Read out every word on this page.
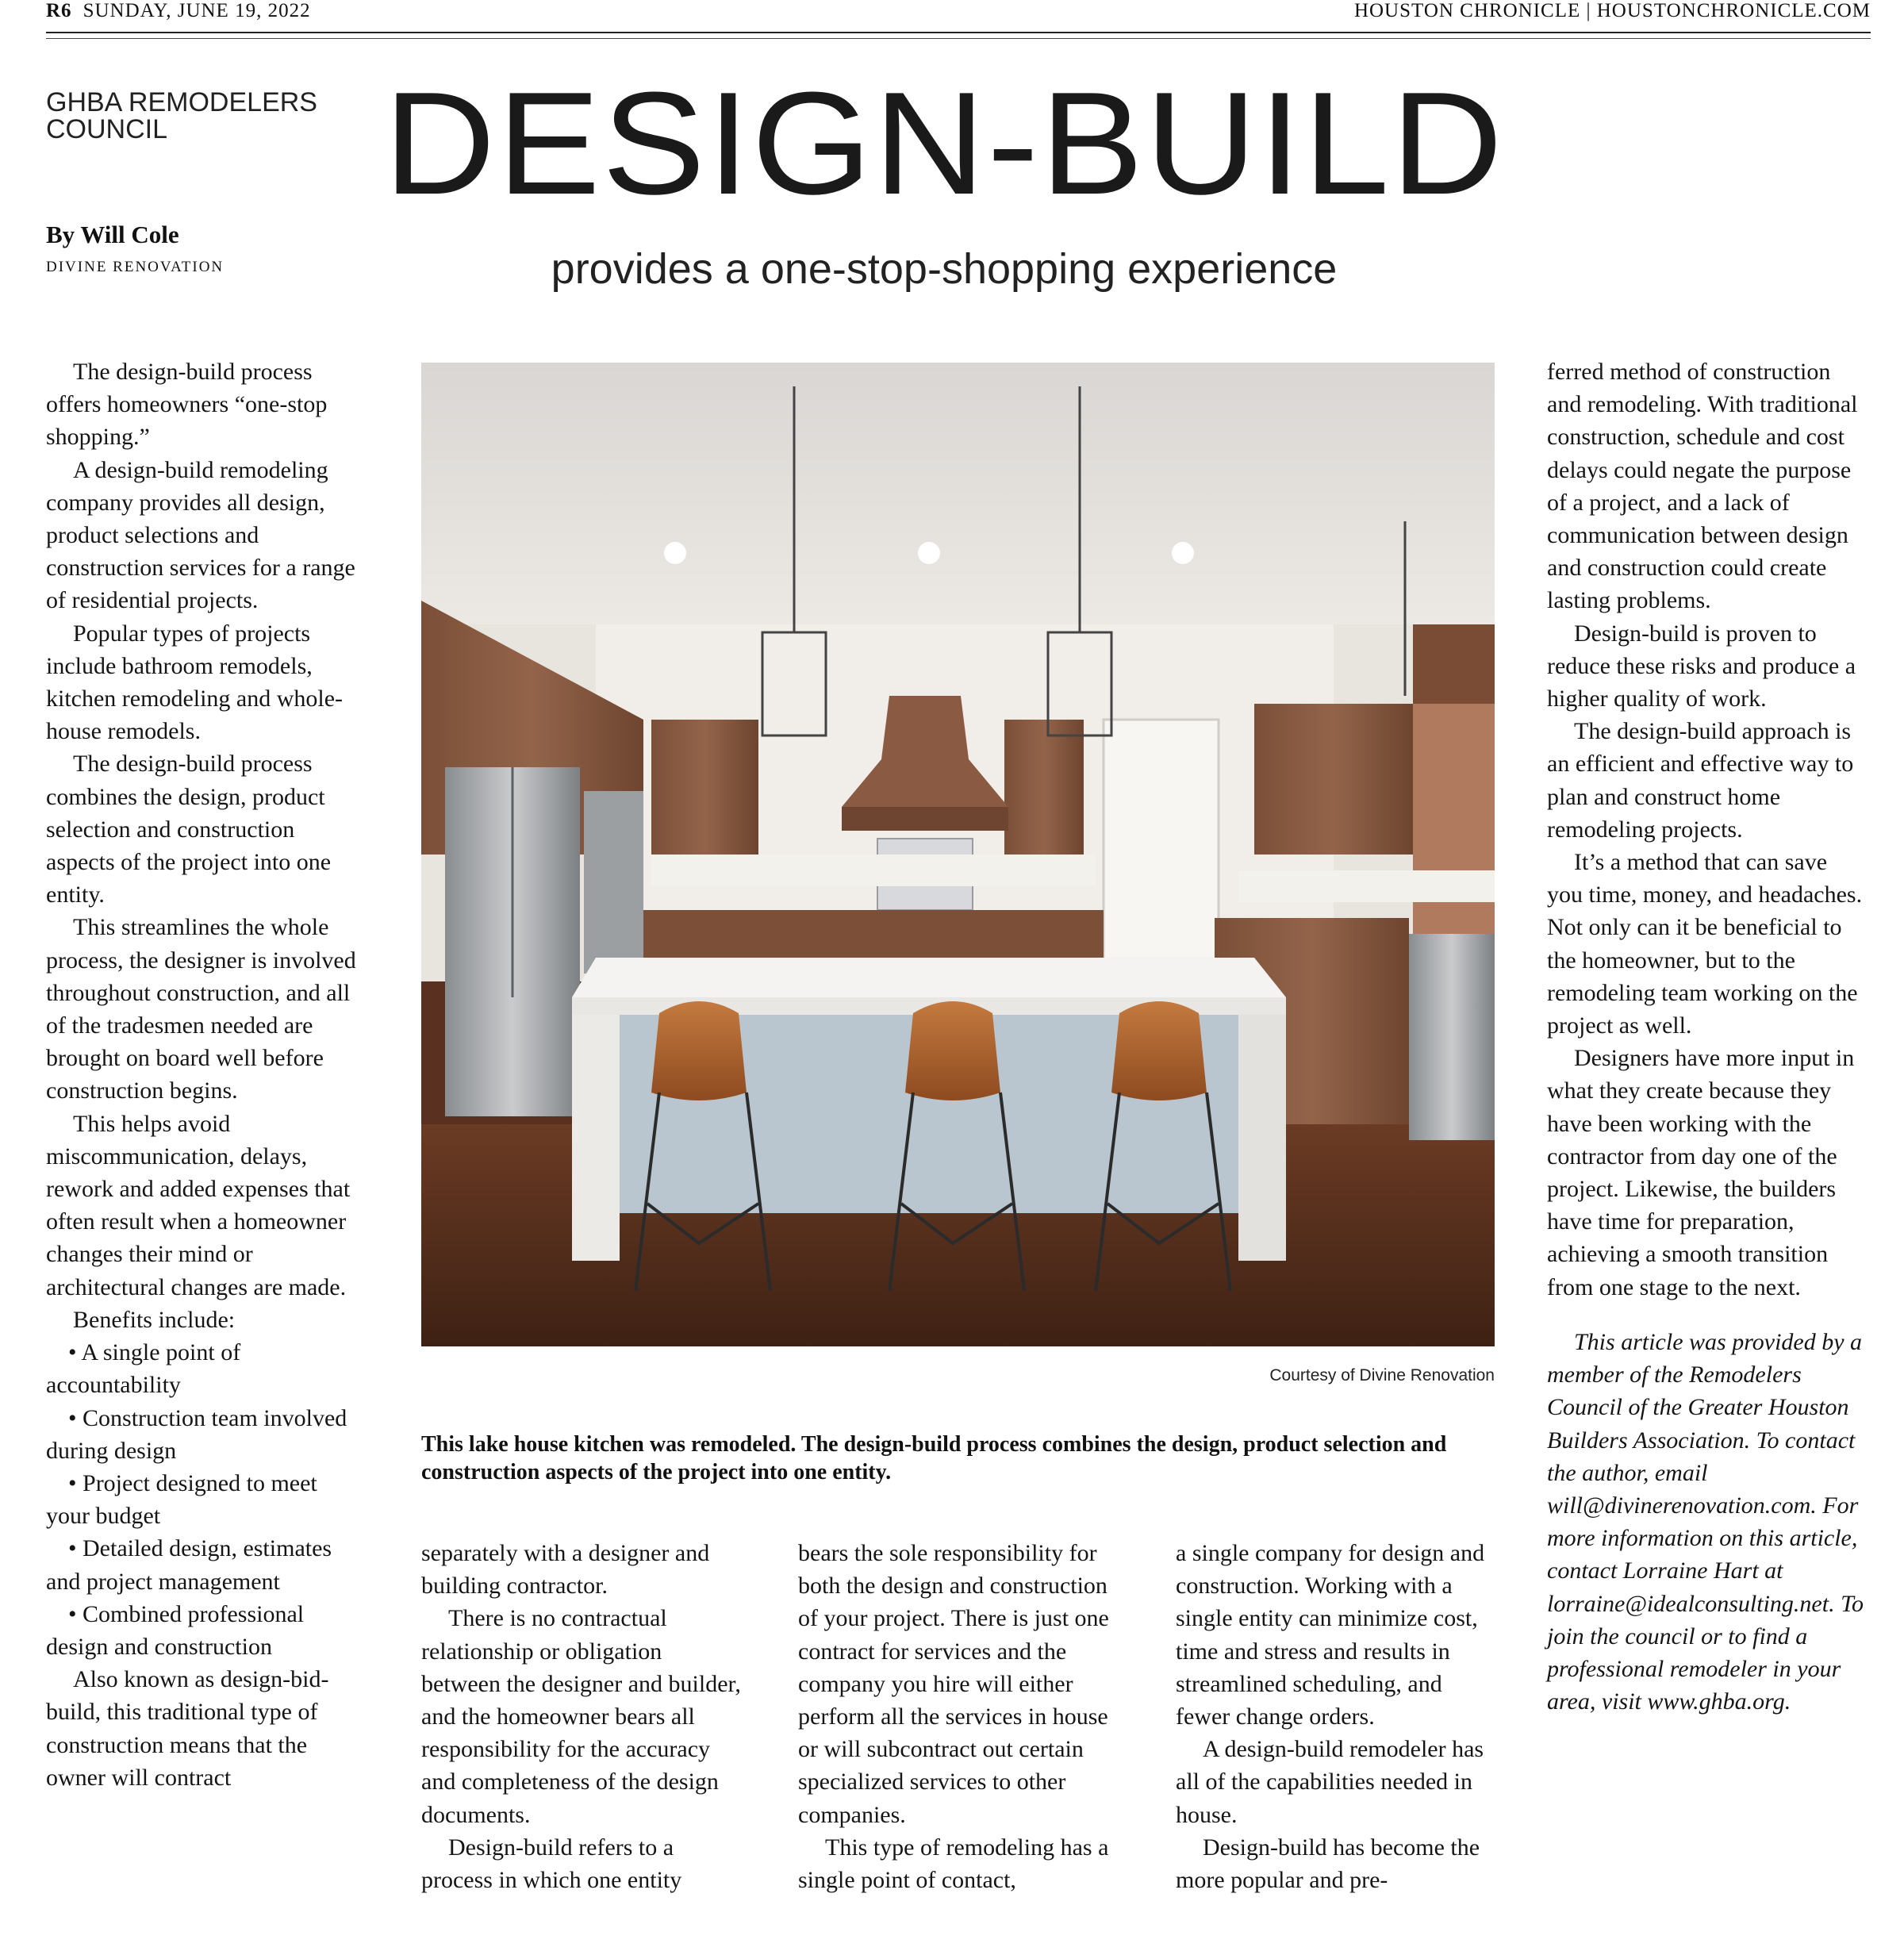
R6 SUNDAY, JUNE 19, 2022	HOUSTON CHRONICLE | HOUSTONCHRONICLE.COM
GHBA REMODELERS
COUNCIL
By Will Cole
DIVINE RENOVATION
DESIGN-BUILD
provides a one-stop-shopping experience

The design-build process offers homeowners “one-stop shopping.”

A design-build remodeling company provides all design, product selections and construction services for a range of residential projects.

Popular types of projects include bathroom remodels, kitchen remodeling and whole-house remodels.

The design-build process combines the design, product selection and construction aspects of the project into one entity.

This streamlines the whole process, the designer is involved throughout construction, and all of the tradesmen needed are brought on board well before construction begins.

This helps avoid miscommunication, delays, rework and added expenses that often result when a homeowner changes their mind or architectural changes are made.

Benefits include:

• A single point of accountability

• Construction team involved during design

• Project designed to meet your budget

• Detailed design, estimates and project management

• Combined professional design and construction

Also known as design-bid-build, this traditional type of construction means that the owner will contract

Courtesy of Divine Renovation
This lake house kitchen was remodeled. The design-build process combines the design, product selection and construction aspects of the project into one entity.

separately with a designer and building contractor.

There is no contractual relationship or obligation between the designer and builder, and the homeowner bears all responsibility for the accuracy and completeness of the design documents.

Design-build refers to a process in which one entity

bears the sole responsibility for both the design and construction of your project. There is just one contract for services and the company you hire will either perform all the services in house or will subcontract out certain specialized services to other companies.

This type of remodeling has a single point of contact,

a single company for design and construction. Working with a single entity can minimize cost, time and stress and results in streamlined scheduling, and fewer change orders.

A design-build remodeler has all of the capabilities needed in house.

Design-build has become the more popular and pre-

ferred method of construction and remodeling. With traditional construction, schedule and cost delays could negate the purpose of a project, and a lack of communication between design and construction could create lasting problems.

Design-build is proven to reduce these risks and produce a higher quality of work.

The design-build approach is an efficient and effective way to plan and construct home remodeling projects.

It’s a method that can save you time, money, and headaches. Not only can it be beneficial to the homeowner, but to the remodeling team working on the project as well.

Designers have more input in what they create because they have been working with the contractor from day one of the project. Likewise, the builders have time for preparation, achieving a smooth transition from one stage to the next.

This article was provided by a member of the Remodelers Council of the Greater Houston Builders Association. To contact the author, email will@divinerenovation.com. For more information on this article, contact Lorraine Hart at lorraine@idealconsulting.net. To join the council or to find a professional remodeler in your area, visit www.ghba.org.
